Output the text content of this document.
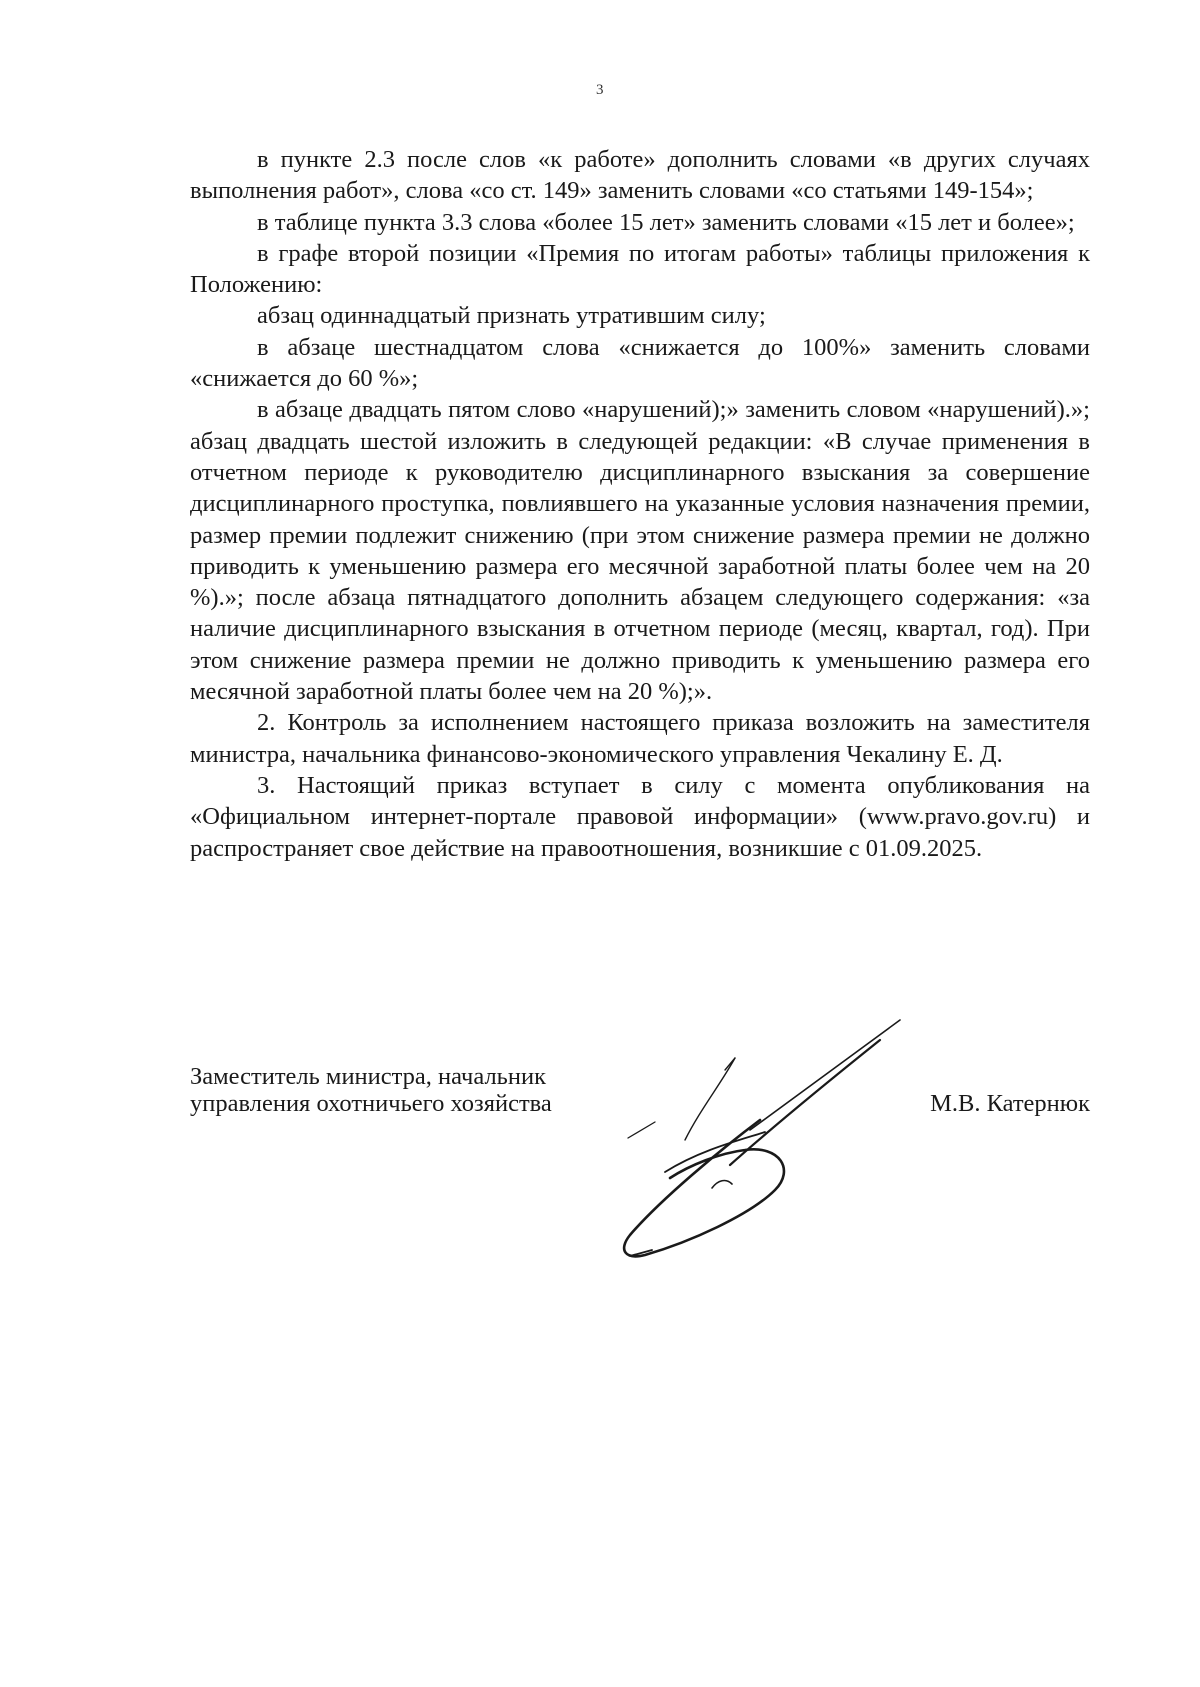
3

в пункте 2.3 после слов «к работе» дополнить словами «в других случаях выполнения работ», слова «со ст. 149» заменить словами «со статьями 149-154»;

в таблице пункта 3.3 слова «более 15 лет» заменить словами «15 лет и более»;

в графе второй позиции «Премия по итогам работы» таблицы приложения к Положению:

абзац одиннадцатый признать утратившим силу;

в абзаце шестнадцатом слова «снижается до 100%» заменить словами «снижается до 60 %»;

в абзаце двадцать пятом слово «нарушений);» заменить словом «нарушений).»; абзац двадцать шестой изложить в следующей редакции: «В случае применения в отчетном периоде к руководителю дисциплинарного взыскания за совершение дисциплинарного проступка, повлиявшего на указанные условия назначения премии, размер премии подлежит снижению (при этом снижение размера премии не должно приводить к уменьшению размера его месячной заработной платы более чем на 20 %).»; после абзаца пятнадцатого дополнить абзацем следующего содержания: «за наличие дисциплинарного взыскания в отчетном периоде (месяц, квартал, год). При этом снижение размера премии не должно приводить к уменьшению размера его месячной заработной платы более чем на 20 %);».

2. Контроль за исполнением настоящего приказа возложить на заместителя министра, начальника финансово-экономического управления Чекалину Е. Д.

3. Настоящий приказ вступает в силу с момента опубликования на «Официальном интернет-портале правовой информации» (www.pravo.gov.ru) и распространяет свое действие на правоотношения, возникшие с 01.09.2025.

Заместитель министра, начальник
управления охотничьего хозяйства	М.В. Катернюк
